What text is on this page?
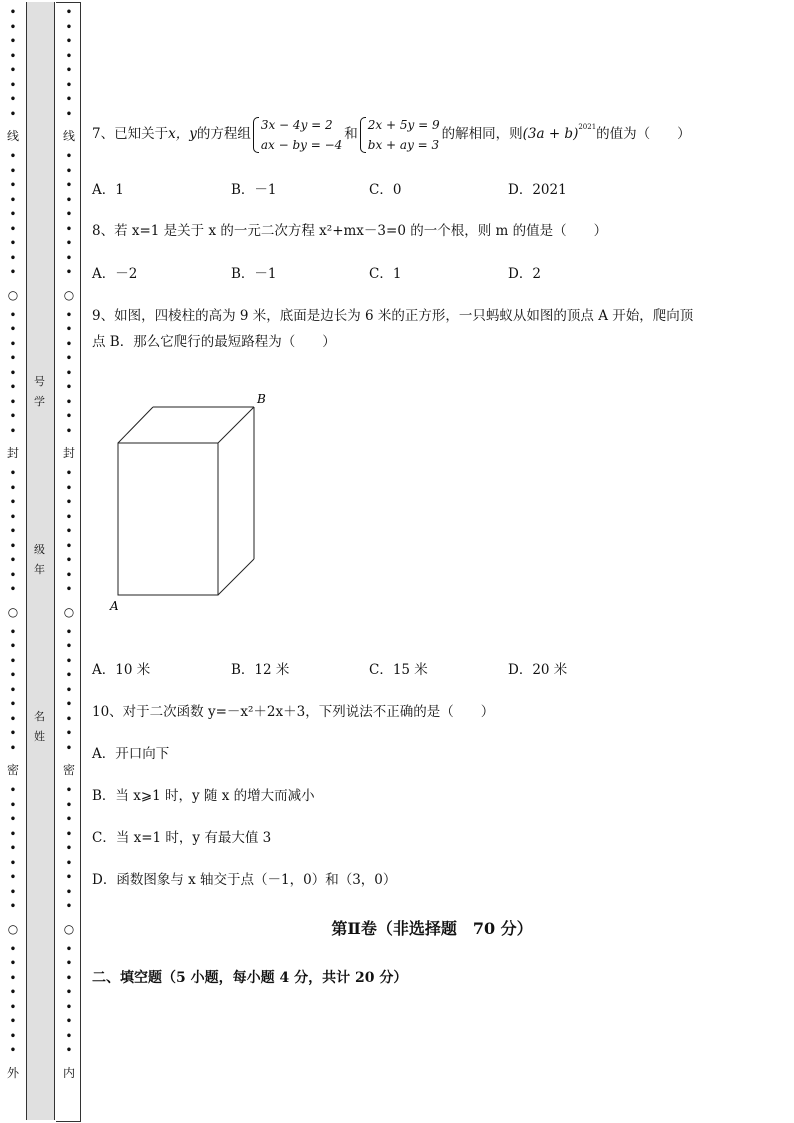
•
•
•
•
•
•
•
•
线
•
•
•
•
•
•
•
•
•
○
•
•
•
•
•
•
•
•
•
封
•
•
•
•
•
•
•
•
•
○
•
•
•
•
•
•
•
•
•
密
•
•
•
•
•
•
•
•
•
○
•
•
•
•
•
•
•
•
外
•
•
•
•
•
•
•
•
线
•
•
•
•
•
•
•
•
•
○
•
•
•
•
•
•
•
•
•
封
•
•
•
•
•
•
•
•
•
○
•
•
•
•
•
•
•
•
•
密
•
•
•
•
•
•
•
•
•
○
•
•
•
•
•
•
•
•
内
号
学
级
年
名
姓
7、已知关于x，y的方程组
3x − 4y = 2
ax − by = −4
和
2x + 5y = 9
bx + ay = 3
的解相同，则$(3a + b)^{2021}$的值为（　　）
A．1	B．－1	C．0	D．2021
8、若 x=1 是关于 x 的一元二次方程 x²+mx－3=0 的一个根，则 m 的值是（　　）
A．－2	B．－1	C．1	D．2
9、如图，四棱柱的高为 9 米，底面是边长为 6 米的正方形，一只蚂蚁从如图的顶点 A 开始，爬向顶
点 B．那么它爬行的最短路程为（　　）
A．10 米	B．12 米	C．15 米	D．20 米
10、对于二次函数 y=－x²＋2x＋3，下列说法不正确的是（　　）
A．开口向下
B．当 x⩾1 时，y 随 x 的增大而减小
C．当 x=1 时，y 有最大值 3
D．函数图象与 x 轴交于点（－1，0）和（3，0）
第Ⅱ卷（非选择题　70 分）
二、填空题（5 小题，每小题 4 分，共计 20 分）
B
A
